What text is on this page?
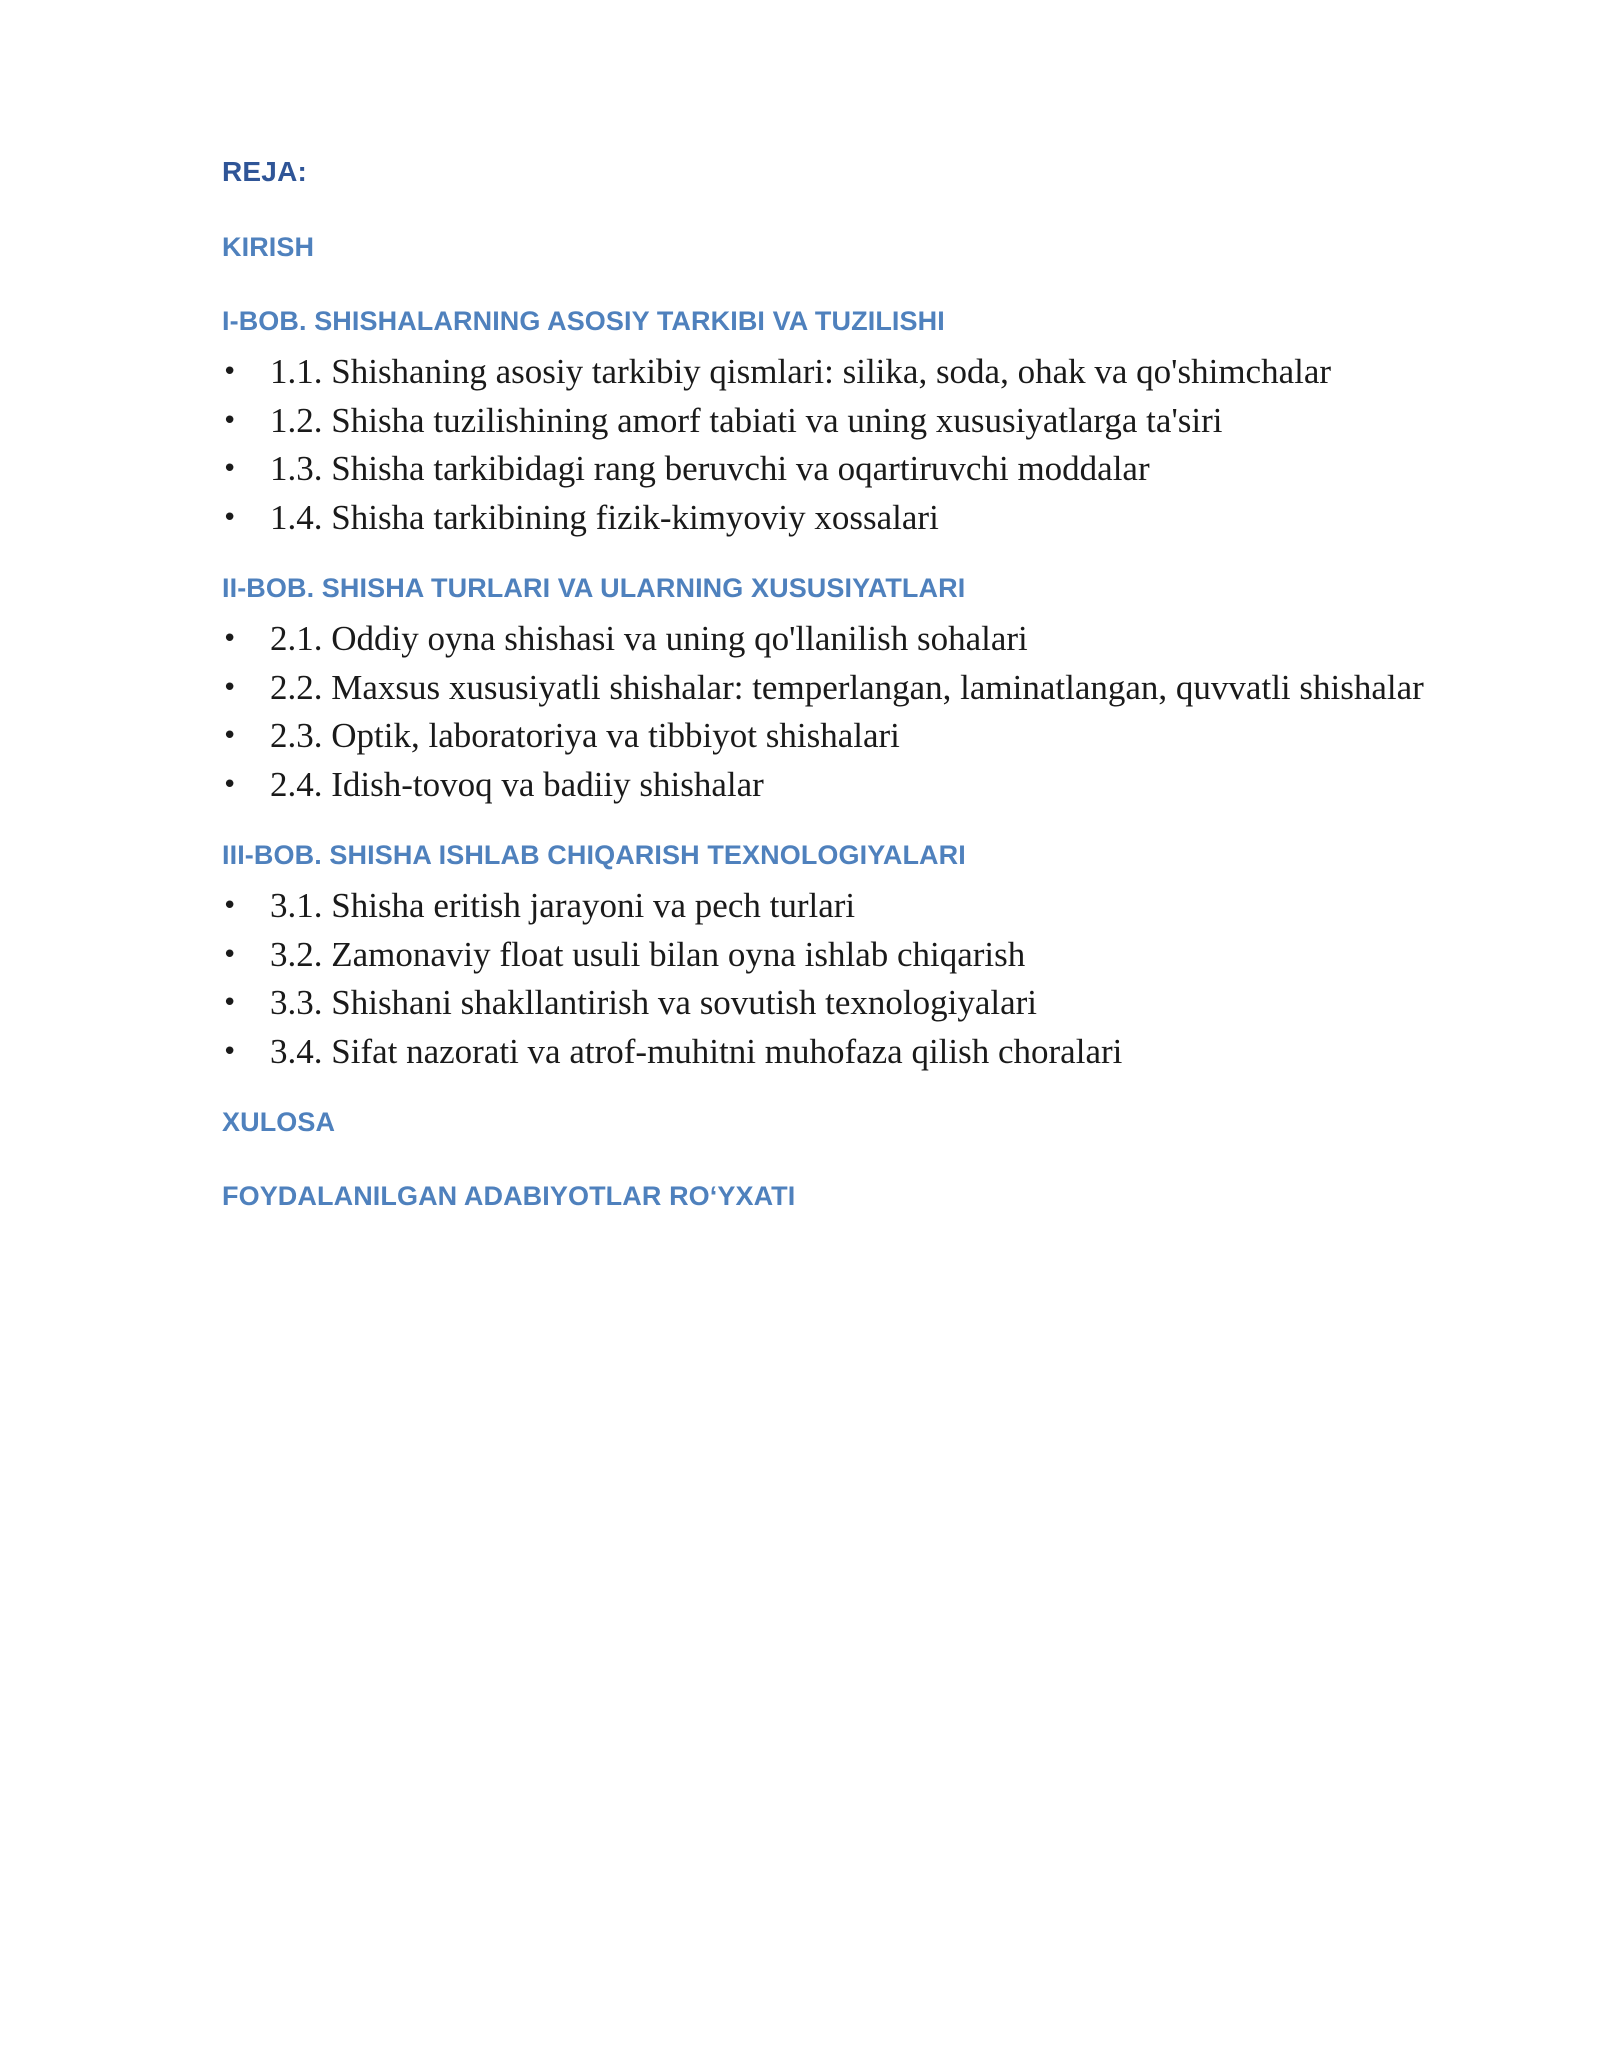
REJA:
KIRISH
I-BOB. SHISHALARNING ASOSIY TARKIBI VA TUZILISHI
• 1.1. Shishaning asosiy tarkibiy qismlari: silika, soda, ohak va qo'shimchalar
• 1.2. Shisha tuzilishining amorf tabiati va uning xususiyatlarga ta'siri
• 1.3. Shisha tarkibidagi rang beruvchi va oqartiruvchi moddalar
• 1.4. Shisha tarkibining fizik-kimyoviy xossalari
II-BOB. SHISHA TURLARI VA ULARNING XUSUSIYATLARI
• 2.1. Oddiy oyna shishasi va uning qo'llanilish sohalari
• 2.2. Maxsus xususiyatli shishalar: temperlangan, laminatlangan, quvvatli shishalar
• 2.3. Optik, laboratoriya va tibbiyot shishalari
• 2.4. Idish-tovoq va badiiy shishalar
III-BOB. SHISHA ISHLAB CHIQARISH TEXNOLOGIYALARI
• 3.1. Shisha eritish jarayoni va pech turlari
• 3.2. Zamonaviy float usuli bilan oyna ishlab chiqarish
• 3.3. Shishani shakllantirish va sovutish texnologiyalari
• 3.4. Sifat nazorati va atrof-muhitni muhofaza qilish choralari
XULOSA
FOYDALANILGAN ADABIYOTLAR RO‘YXATI
